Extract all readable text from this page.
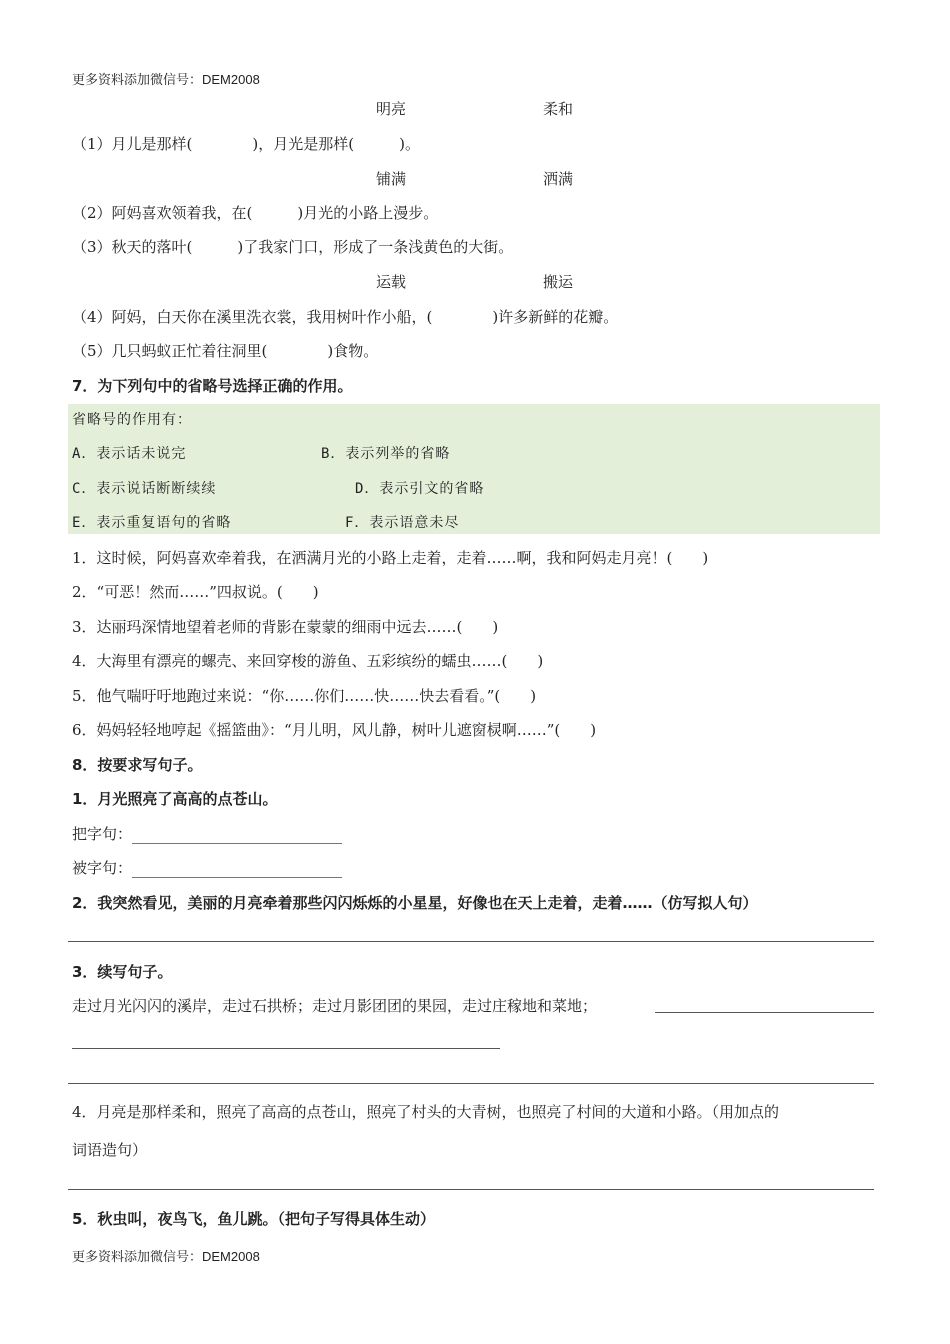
更多资料添加微信号：DEM2008
明亮	柔和
（1）月儿是那样(　　　　)，月光是那样(　　　)。
铺满	洒满
（2）阿妈喜欢领着我，在(　　　)月光的小路上漫步。
（3）秋天的落叶(　　　)了我家门口，形成了一条浅黄色的大街。
运载	搬运
（4）阿妈，白天你在溪里洗衣裳，我用树叶作小船，(　　　　)许多新鲜的花瓣。
（5）几只蚂蚁正忙着往洞里(　　　　)食物。
7．为下列句中的省略号选择正确的作用。
省略号的作用有：
A．表示话未说完	B．表示列举的省略
C．表示说话断断续续	D．表示引文的省略
E．表示重复语句的省略	F．表示语意未尽
1．这时候，阿妈喜欢牵着我，在洒满月光的小路上走着，走着……啊，我和阿妈走月亮！(　　)
2．“可恶！然而……”四叔说。(　　)
3．达丽玛深情地望着老师的背影在蒙蒙的细雨中远去……(　　)
4．大海里有漂亮的螺壳、来回穿梭的游鱼、五彩缤纷的蠕虫……(　　)
5．他气喘吁吁地跑过来说：“你……你们……快……快去看看。”(　　)
6．妈妈轻轻地哼起《摇篮曲》：“月儿明，风儿静，树叶儿遮窗棂啊……”(　　)
8．按要求写句子。
1．月光照亮了高高的点苍山。
把字句：
被字句：
2．我突然看见，美丽的月亮牵着那些闪闪烁烁的小星星，好像也在天上走着，走着……（仿写拟人句）
3．续写句子。
走过月光闪闪的溪岸，走过石拱桥；走过月影团团的果园，走过庄稼地和菜地；
4．月亮是那样柔和，照亮了高高的点苍山，照亮了村头的大青树，也照亮了村间的大道和小路。（用加点的
词语造句）
5．秋虫叫，夜鸟飞，鱼儿跳。（把句子写得具体生动）
更多资料添加微信号：DEM2008
